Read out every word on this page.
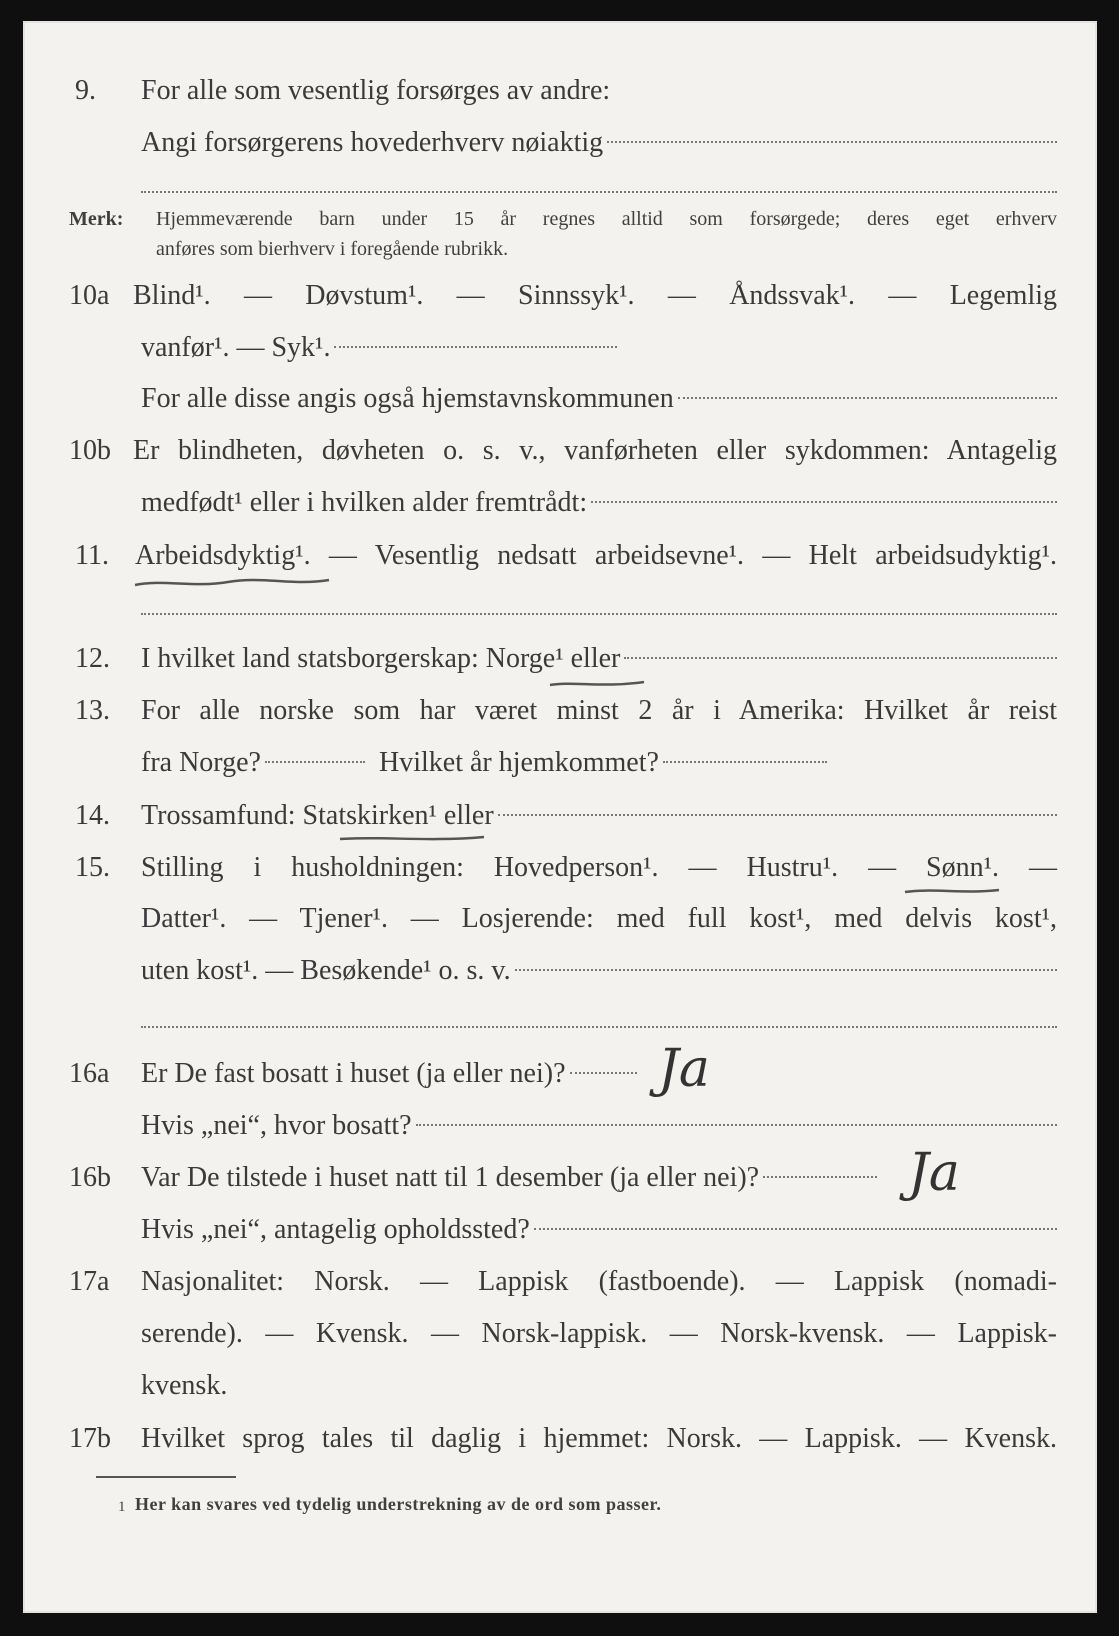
9. For alle som vesentlig forsørges av andre:
Angi forsørgerens hovederhverv nøiaktig
Merk: Hjemmeværende barn under 15 år regnes alltid som forsørgede; deres eget erhverv
anføres som bierhverv i foregående rubrikk.
10a Blind¹. — Døvstum¹. — Sinnssyk¹. — Åndssvak¹. — Legemlig
vanfør¹. — Syk¹.
For alle disse angis også hjemstavnskommunen
10b Er blindheten, døvheten o. s. v., vanførheten eller sykdommen: Antagelig
medfødt¹ eller i hvilken alder fremtrådt:
11. Arbeidsdyktig¹. — Vesentlig nedsatt arbeidsevne¹. — Helt arbeidsudyktig¹.
12. I hvilket land statsborgerskap: Norge¹ eller
13. For alle norske som har været minst 2 år i Amerika: Hvilket år reist
fra Norge?	Hvilket år hjemkommet?
14. Trossamfund: Statskirken¹ eller
15. Stilling i husholdningen: Hovedperson¹. — Hustru¹. — Sønn¹. —
Datter¹. — Tjener¹. — Losjerende: med full kost¹, med delvis kost¹,
uten kost¹. — Besøkende¹ o. s. v.
16a Er De fast bosatt i huset (ja eller nei)? Ja
Hvis „nei“, hvor bosatt?
16b Var De tilstede i huset natt til 1 desember (ja eller nei)?	Ja
Hvis „nei“, antagelig opholdssted?
17a Nasjonalitet: Norsk. — Lappisk (fastboende). — Lappisk (nomadi-
serende). — Kvensk. — Norsk-lappisk. — Norsk-kvensk. — Lappisk-
kvensk.
17b Hvilket sprog tales til daglig i hjemmet: Norsk. — Lappisk. — Kvensk.
1 Her kan svares ved tydelig understrekning av de ord som passer.
